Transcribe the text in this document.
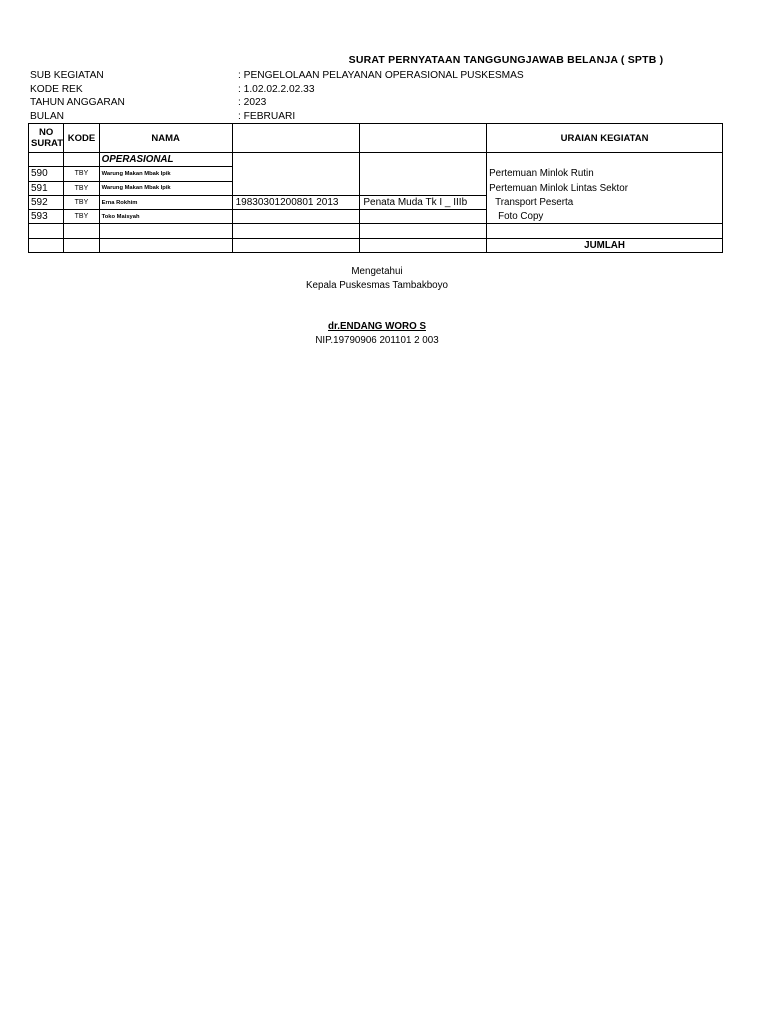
SURAT PERNYATAAN TANGGUNGJAWAB BELANJA ( SPTB )
SUB KEGIATAN	: PENGELOLAAN PELAYANAN OPERASIONAL PUSKESMAS
KODE REK	: 1.02.02.2.02.33
TAHUN ANGGARAN	: 2023
BULAN	: FEBRUARI
NO SURAT	KODE	NAMA			URAIAN KEGIATAN
		OPERASIONAL			
590	TBY	Warung Makan Mbak Ipik			Pertemuan Minlok Rutin
591	TBY	Warung Makan Mbak Ipik			Pertemuan Minlok Lintas Sektor
592	TBY	Erna Rokhim	19830301200801 2013	Penata Muda Tk I _ IIIb	Transport Peserta
593	TBY	Toko Maisyah			Foto Copy

					JUMLAH
Mengetahui
Kepala Puskesmas Tambakboyo
dr.ENDANG WORO S
NIP.19790906 201101 2 003
